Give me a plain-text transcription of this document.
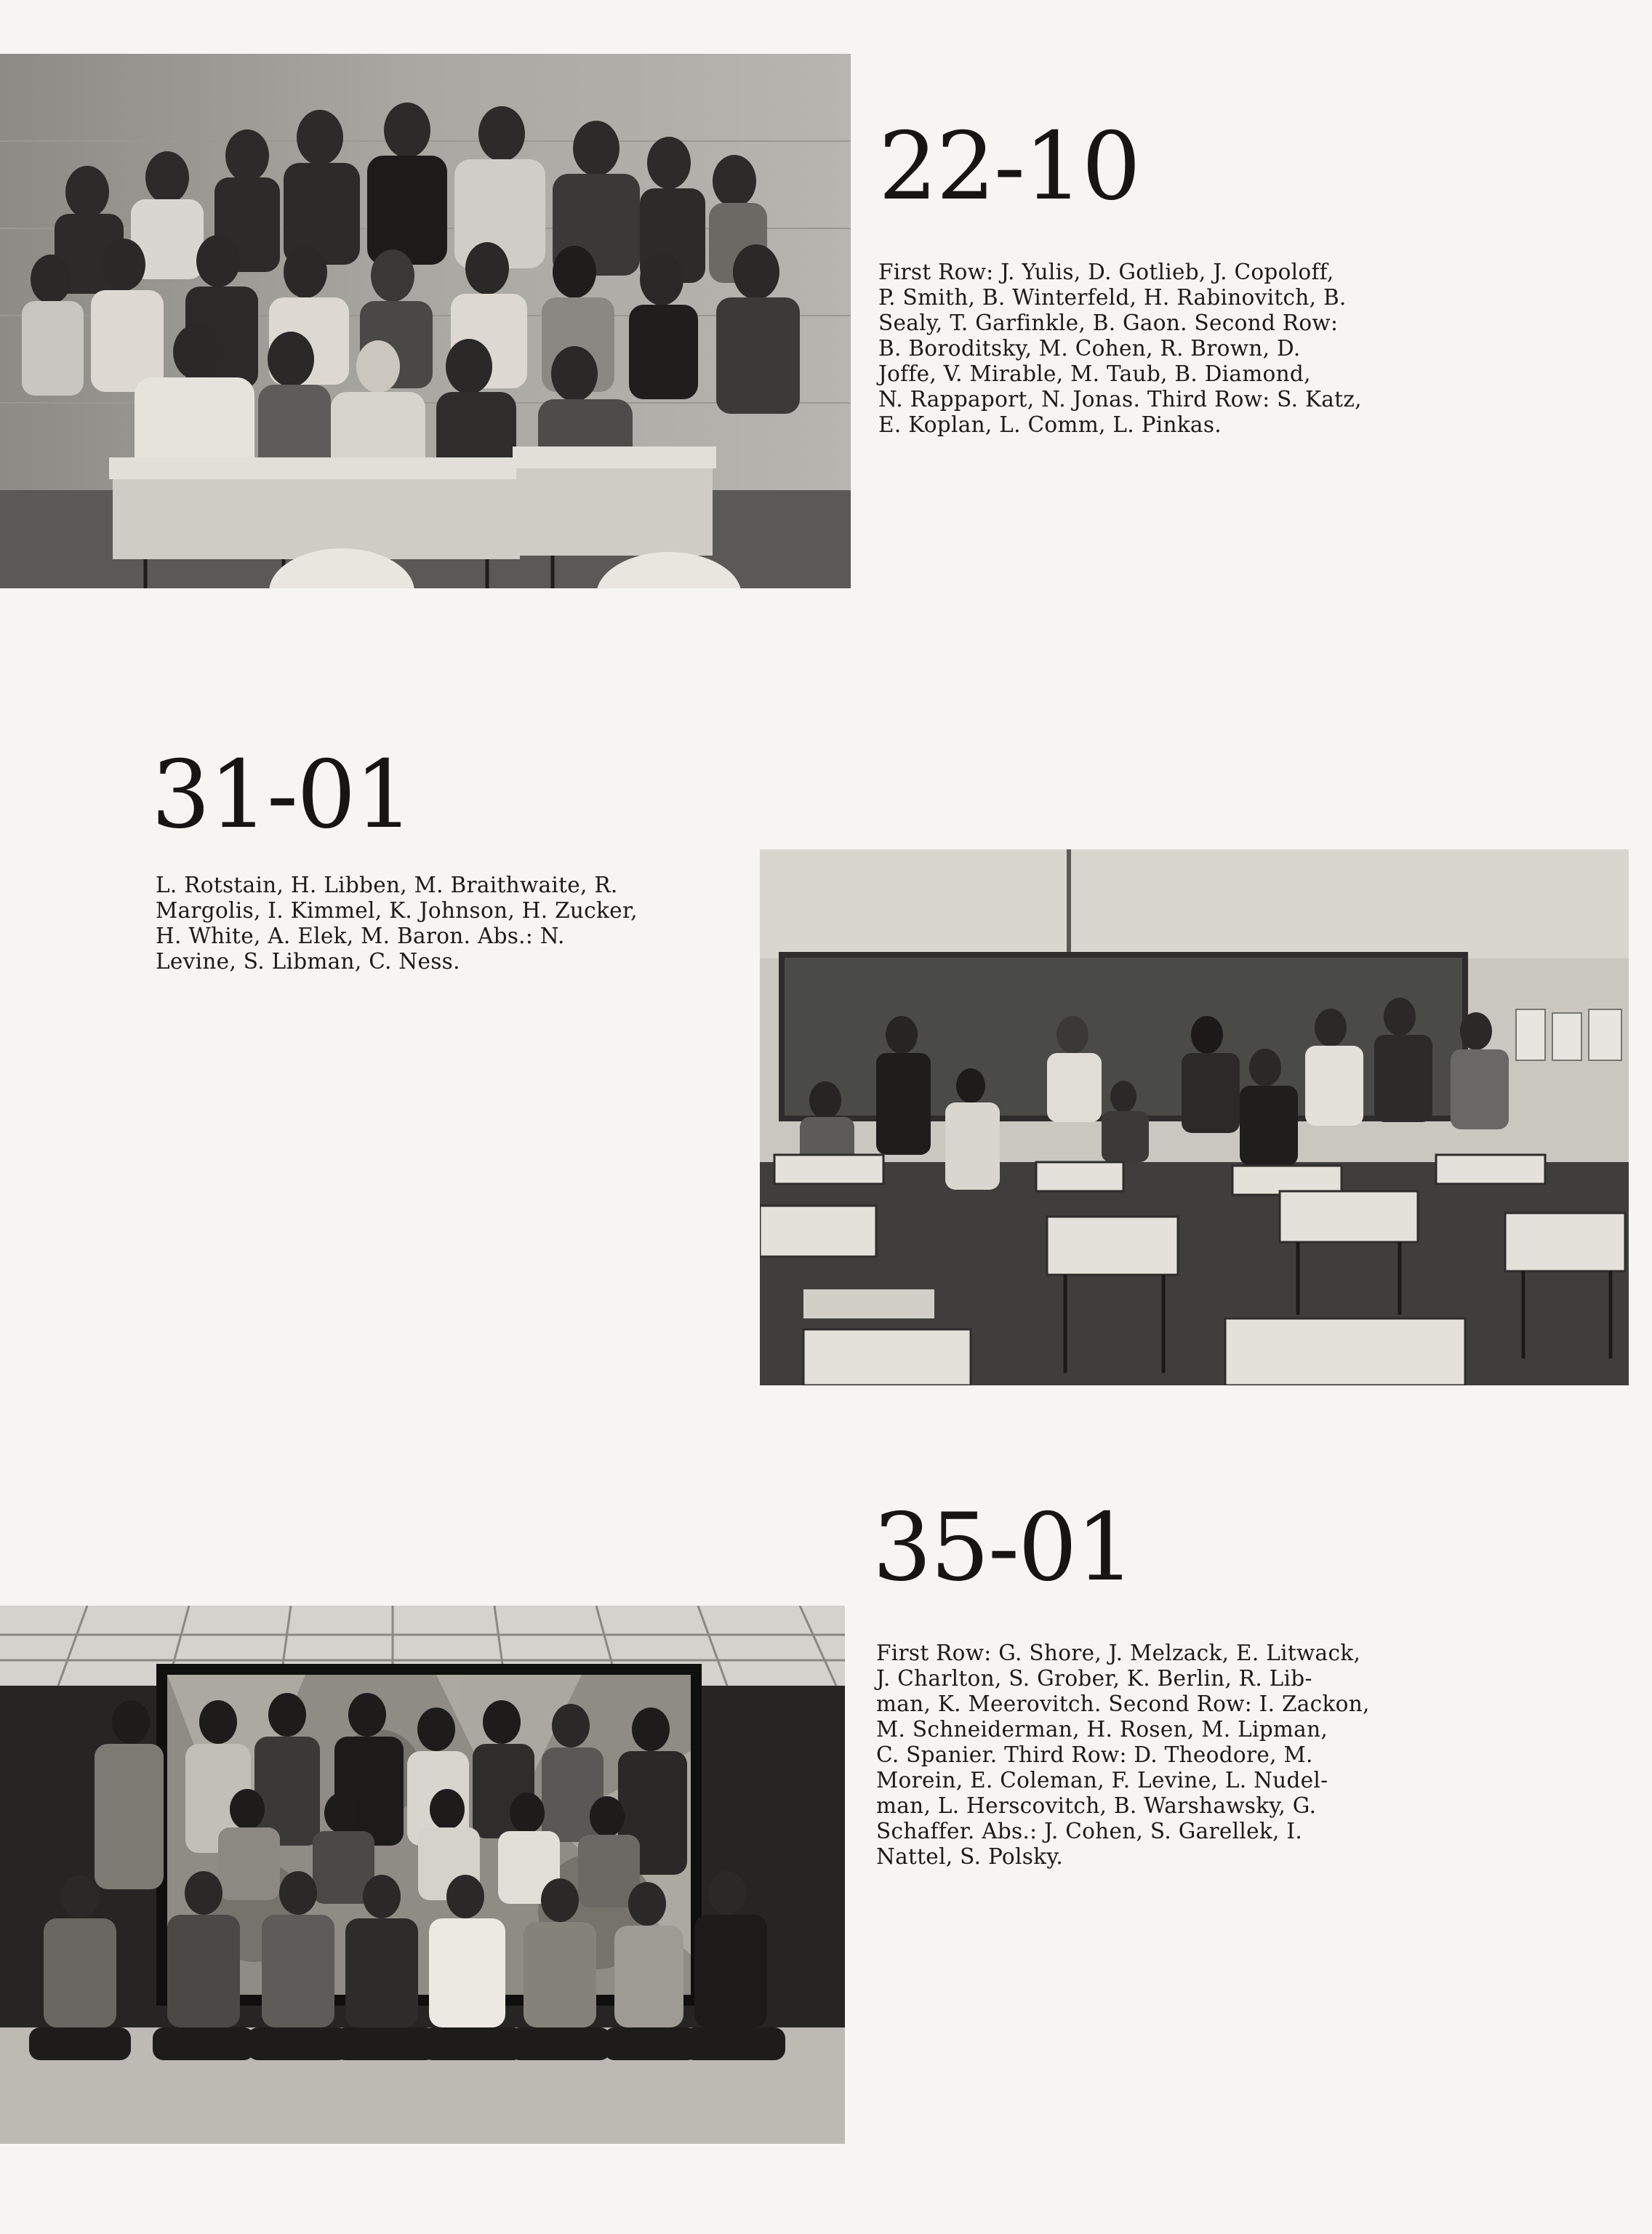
22-10

First Row: J. Yulis, D. Gotlieb, J. Copoloff,
P. Smith, B. Winterfeld, H. Rabinovitch, B.
Sealy, T. Garfinkle, B. Gaon. Second Row:
B. Boroditsky, M. Cohen, R. Brown, D.
Joffe, V. Mirable, M. Taub, B. Diamond,
N. Rappaport, N. Jonas. Third Row: S. Katz,
E. Koplan, L. Comm, L. Pinkas.

31-01

L. Rotstain, H. Libben, M. Braithwaite, R.
Margolis, I. Kimmel, K. Johnson, H. Zucker,
H. White, A. Elek, M. Baron. Abs.: N.
Levine, S. Libman, C. Ness.

35-01

First Row: G. Shore, J. Melzack, E. Litwack,
J. Charlton, S. Grober, K. Berlin, R. Lib-
man, K. Meerovitch. Second Row: I. Zackon,
M. Schneiderman, H. Rosen, M. Lipman,
C. Spanier. Third Row: D. Theodore, M.
Morein, E. Coleman, F. Levine, L. Nudel-
man, L. Herscovitch, B. Warshawsky, G.
Schaffer. Abs.: J. Cohen, S. Garellek, I.
Nattel, S. Polsky.
